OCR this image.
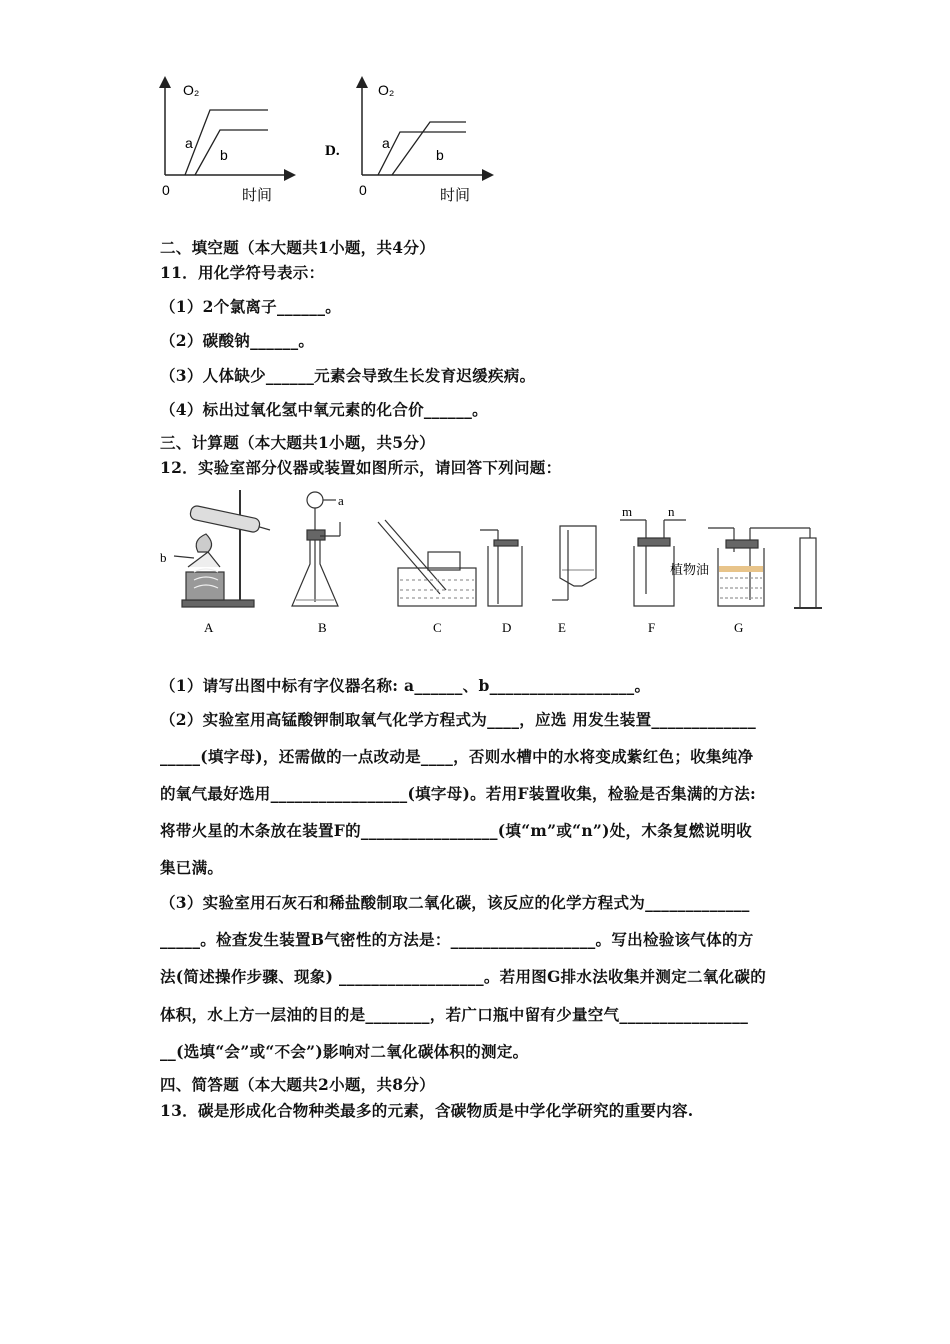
O₂
a
b
0	时间
D.
O₂
a
b
0	时间
二、填空题（本大题共1小题，共4分）
11．用化学符号表示：
（1）2个氯离子______。
（2）碳酸钠______。
（3）人体缺少______元素会导致生长发育迟缓疾病。
（4）标出过氧化氢中氧元素的化合价______。
三、计算题（本大题共1小题，共5分）
12．实验室部分仪器或装置如图所示，请回答下列问题：
b
a
m	n
植物油
A	B	C	D	E	F	G
（1）请写出图中标有字仪器名称: a______、b__________________。
（2）实验室用高锰酸钾制取氧气化学方程式为____，应选 用发生装置_____________
_____(填字母)，还需做的一点改动是____，否则水槽中的水将变成紫红色；收集纯净
的氧气最好选用_________________(填字母)。若用F装置收集，检验是否集满的方法:
将带火星的木条放在装置F的_________________(填“m”或“n”)处，木条复燃说明收
集已满。
（3）实验室用石灰石和稀盐酸制取二氧化碳，该反应的化学方程式为_____________
_____。检查发生装置B气密性的方法是：__________________。写出检验该气体的方
法(简述操作步骤、现象) __________________。若用图G排水法收集并测定二氧化碳的
体积，水上方一层油的目的是________，若广口瓶中留有少量空气________________
__(选填“会”或“不会”)影响对二氧化碳体积的测定。
四、简答题（本大题共2小题，共8分）
13．碳是形成化合物种类最多的元素，含碳物质是中学化学研究的重要内容.
